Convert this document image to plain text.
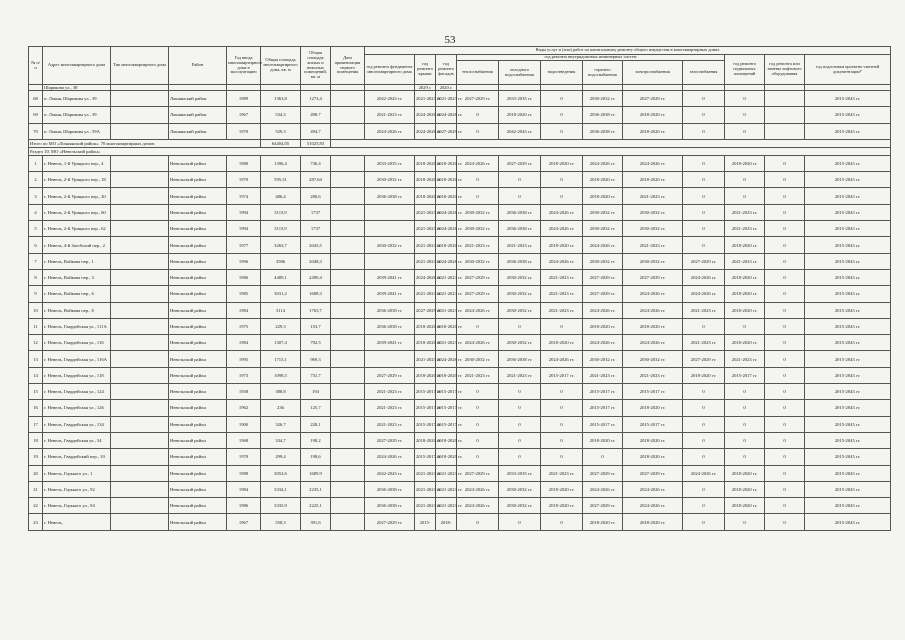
53
№ п/п	Адрес многоквартирного дома	Тип многоквартирного дома	Район	Год ввода многоквартирного дома в эксплуатацию	Общая площадь многоквартирного дома, кв. м	Общая площадь жилых и нежилых помещений, кв. м	Дата приватизации первого помещения	Виды услуг и (или) работ по капитальному ремонту общего имущества в многоквартирных домах											
								год ремонта фундамента многоквартирного дома	год ремонта крыши	год ремонта фасадов	год ремонта внутридомовых инженерных систем						год ремонта подвальных помещений	год ремонта или замены лифтового оборудования	год подготовки проектно-сметной документации*
											теплоснабжения	холодного водоснабжения	водоотведения	горячего водоснабжения	электроснабжения	газоснабжения			
	Шарикова ул., 38								2029 г.	2020 г.									
68	п. Локня, Шарикова ул., 39		Локнянский район	1989	1363,8	1273,4		2042-2043 гг.	2021-2023 гг.	2021-2023 гг.	2027-2029 гг.	2033-2035 гг.	0	2030-2032 гг.	2027-2029 гг.	0	0		2015-2043 гг.
69	п. Локня, Шарикова ул., 39		Локнянский район	1967	534,3	498,7		2021-2023 гг.	2024-2026 гг.	2024-2026 гг.	0	2018-2020 гг.	0	2036-2038 гг.	2018-2020 гг.	0	0		2015-2043 гг.
70	п. Локня, Шарикова ул., 59А		Локнянский район	1970	529,3	494,7		2024-2026 гг.	2024-2026 гг.	2027-2029 гг.	0	2042-2043 гг.	0	2036-2038 гг.	2018-2020 гг.	0	0		2015-2043 гг.
Итого по МО «Локнянский район»: 70 многоквартирных домов					64404,05	51025,83													
Раздел 10. МО «Невельский район»																			
1	г. Невель, 1-й Урицкого пер., 4		Невельский район	1980	1396,4	736,4		2033-2035 гг.	2018-2020 гг.	2018-2020 гг.	2024-2026 гг.	2027-2029 гг.	2018-2020 гг.	2024-2026 гг.	2024-2026 гг.	0	2018-2020 гг.	0	2015-2043 гг.
2	г. Невель, 2-й Урицкого пер., 18		Невельский район	1970	595,31	287,64		2030-2032 гг.	2018-2020 гг.	2018-2020 гг.	0	0	0	2018-2020 гг.	2018-2020 гг.	0	0	0	2015-2043 гг.
3	г. Невель, 2-й Урицкого пер., 20		Невельский район	1974	486,4	280,6		2036-2038 гг.	2018-2020 гг.	2018-2020 гг.	0	0	0	2018-2020 гг.	2021-2023 гг.	0	0	0	2015-2043 гг.
4	г. Невель, 2-й Урицкого пер., 60		Невельский район	1994	3113,9	1737			2021-2023 гг.	2024-2026 гг.	2030-2032 гг.	2036-2038 гг.	2024-2026 гг.	2030-2032 гг.	2030-2032 гг.	0	2021-2023 гг.	0	2015-2043 гг.
5	г. Невель, 2-й Урицкого пер., 62		Невельский район	1994	3113,9	1737			2021-2023 гг.	2024-2026 гг.	2030-2032 гг.	2036-2038 гг.	2024-2026 гг.	2030-2032 гг.	2030-2032 гг.	0	2021-2023 гг.	0	2015-2043 гг.
6	г. Невель, 4-й Загобский пер., 2		Невельский район	1977	3263,7	2043,5		2030-2032 гг.	2021-2023 гг.	2018-2020 гг.	2021-2023 гг.	2021-2023 гг.	2018-2020 гг.	2024-2026 гг.	2021-2023 гг.	0	2018-2020 гг.	0	2015-2043 гг.
7	г. Невель, Войкова пер., 1		Невельский район	1996	3586	2048,3			2021-2023 гг.	2024-2026 гг.	2030-2032 гг.	2036-2038 гг.	2024-2026 гг.	2030-2032 гг.	2030-2032 гг.	2027-2029 гг.	2021-2023 гг.	0	2015-2043 гг.
8	г. Невель, Войкова пер., 3		Невельский район	1986	4489,1	2490,4		2039-2041 гг.	2024-2026 гг.	2021-2023 гг.	2027-2029 гг.	2030-2032 гг.	2021-2023 гг.	2027-2029 гг.	2027-2029 гг.	2024-2026 гг.	2018-2020 гг.	0	2015-2043 гг.
9	г. Невель, Войкова пер., 6		Невельский район	1985	3031,2	1688,3		2039-2041 гг.	2021-2023 гг.	2021-2023 гг.	2027-2029 гг.	2030-2032 гг.	2021-2023 гг.	2027-2029 гг.	2024-2026 гг.	2024-2026 гг.	2018-2020 гг.	0	2015-2043 гг.
10	г. Невель, Войкова пер., 8		Невельский район	1984	3114	1763,7		2036-2038 гг.	2027-2029 гг.	2021-2023 гг.	2024-2026 гг.	2030-2032 гг.	2021-2023 гг.	2024-2026 гг.	2024-2026 гг.	2021-2023 гг.	2018-2020 гг.	0	2015-2043 гг.
11	г. Невель, Гвардейская ул., 111А		Невельский район	1975	229,3	153,7		2036-2038 гг.	2018-2020 гг.	2018-2020 гг.	0	0	0	2018-2020 гг.	2018-2020 гг.	0	0	0	2015-2043 гг.
12	г. Невель, Гвардейская ул., 116		Невельский район	1984	1307,4	792,5		2039-2041 гг.	2018-2020 гг.	2021-2023 гг.	2024-2026 гг.	2030-2032 гг.	2018-2020 гг.	2024-2026 гг.	2024-2026 гг.	2021-2023 гг.	2018-2020 гг.	0	2015-2043 гг.
13	г. Невель, Гвардейская ул., 116А		Невельский район	1995	1715,1	969,3			2021-2023 гг.	2024-2026 гг.	2030-2032 гг.	2036-2038 гг.	2024-2026 гг.	2030-2032 гг.	2030-2032 гг.	2027-2029 гг.	2021-2023 гг.	0	2015-2043 гг.
14	г. Невель, Гвардейская ул., 118		Невельский район	1973	1098,5	731,7		2027-2029 гг.	2018-2020 гг.	2018-2020 гг.	2021-2023 гг.	2021-2023 гг.	2015-2017 гг.	2021-2023 гг.	2021-2023 гг.	2018-2020 гг.	2015-2017 гг.	0	2015-2043 гг.
15	г. Невель, Гвардейская ул., 124		Невельский район	1938	388,8	194		2021-2023 гг.	2015-2017 гг.	2015-2017 гг.	0	0	0	2015-2017 гг.	2015-2017 гг.	0	0	0	2015-2043 гг.
16	г. Невель, Гвардейская ул., 126		Невельский район	1962	236	125,7		2021-2023 гг.	2015-2017 гг.	2015-2017 гг.	0	0	0	2015-2017 гг.	2018-2020 гг.	0	0	0	2015-2043 гг.
17	г. Невель, Гвардейская ул., 134		Невельский район	1900	326,7	228,1		2021-2023 гг.	2015-2017 гг.	2015-2017 гг.	0	0	0	2015-2017 гг.	2015-2017 гг.	0	0	0	2015-2043 гг.
18	г. Невель, Гвардейская ул., 34		Невельский район	1968	334,7	198,2		2027-2029 гг.	2018-2020 гг.	2018-2020 гг.	0	0	0	2018-2020 гг.	2018-2020 гг.	0	0	0	2015-2043 гг.
19	г. Невель, Гвардейский пер., 10		Невельский район	1970	299,4	198,6		2024-2026 гг.	2015-2017 гг.	2018-2020 гг.	0	0	0	0	2018-2020 гг.	0	0	0	2015-2043 гг.
20	г. Невель, Горького ул., 1		Невельский район	1988	3052,6	1689,9		2042-2043 гг.	2021-2023 гг.	2021-2023 гг.	2027-2029 гг.	2033-2035 гг.	2021-2023 гг.	2027-2029 гг.	2027-2029 гг.	2024-2026 гг.	2018-2020 гг.	0	2015-2043 гг.
21	г. Невель, Горького ул., 92		Невельский район	1984	3334,1	2235,1		2036-2038 гг.	2021-2023 гг.	2021-2023 гг.	2024-2026 гг.	2030-2032 гг.	2018-2020 гг.	2024-2026 гг.	2024-2026 гг.	0	2018-2020 гг.	0	2015-2043 гг.
22	г. Невель, Горького ул., 94		Невельский район	1986	3335,9	2225,1		2036-2038 гг.	2021-2023 гг.	2021-2023 гг.	2024-2026 гг.	2030-2032 гг.	2018-2020 гг.	2027-2029 гг.	2024-2026 гг.	0	2018-2020 гг.	0	2015-2043 гг.
23	г. Невель,		Невельский район	1967	558,3	391,6		2027-2029 гг.	2015-	2018-	0	0	0	2018-2020 гг.	2018-2020 гг.	0	0	0	2015-2043 гг.
